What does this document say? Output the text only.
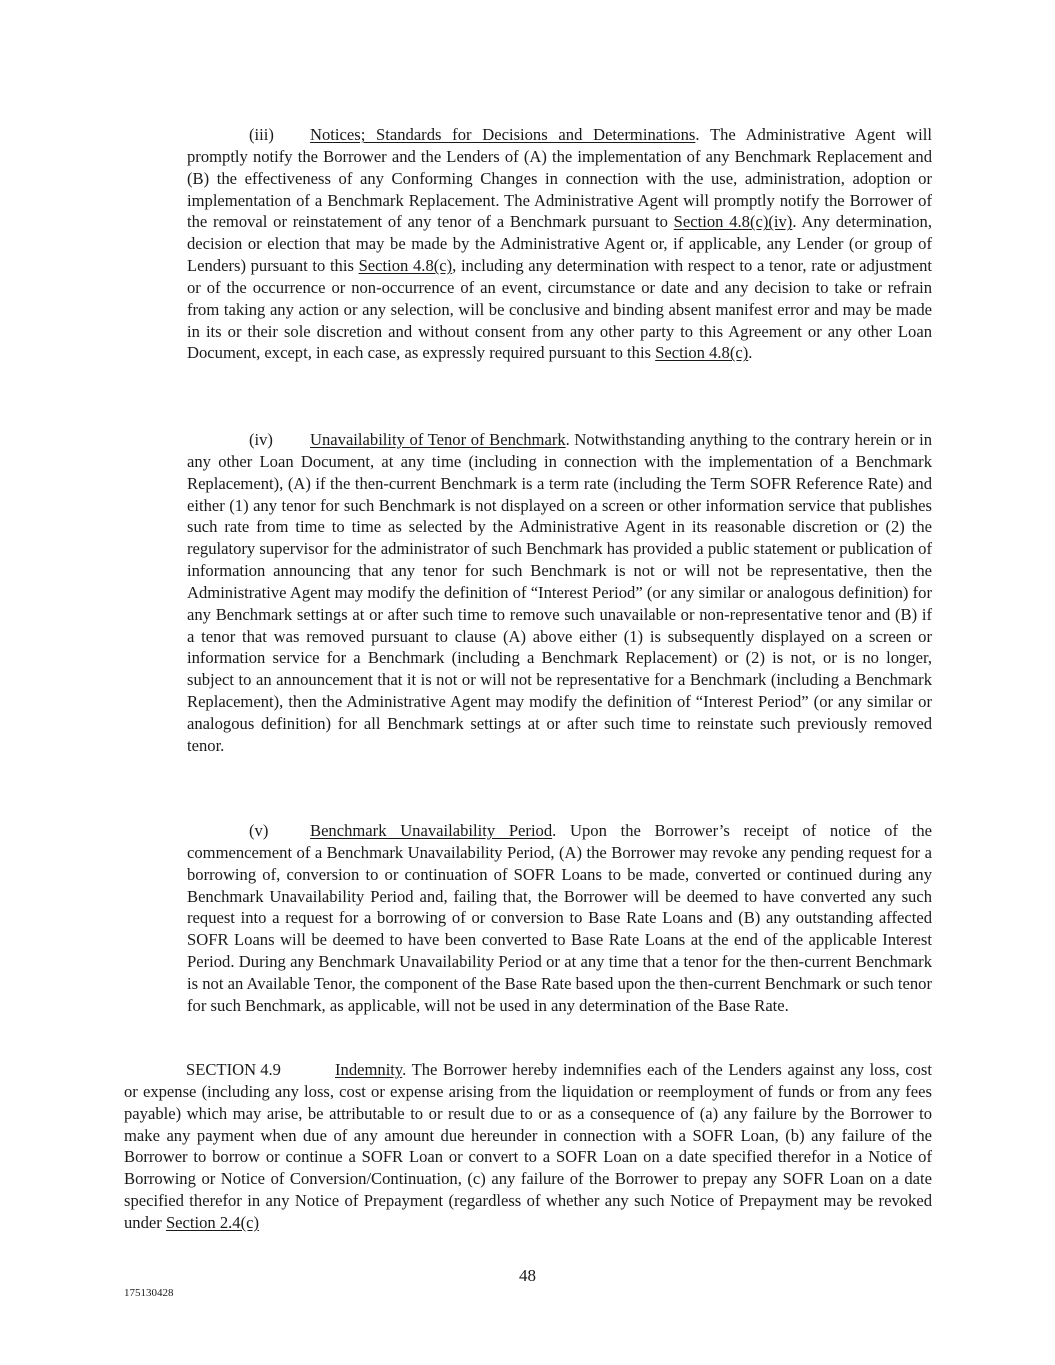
(iii) Notices; Standards for Decisions and Determinations. The Administrative Agent will promptly notify the Borrower and the Lenders of (A) the implementation of any Benchmark Replacement and (B) the effectiveness of any Conforming Changes in connection with the use, administration, adoption or implementation of a Benchmark Replacement. The Administrative Agent will promptly notify the Borrower of the removal or reinstatement of any tenor of a Benchmark pursuant to Section 4.8(c)(iv). Any determination, decision or election that may be made by the Administrative Agent or, if applicable, any Lender (or group of Lenders) pursuant to this Section 4.8(c), including any determination with respect to a tenor, rate or adjustment or of the occurrence or non-occurrence of an event, circumstance or date and any decision to take or refrain from taking any action or any selection, will be conclusive and binding absent manifest error and may be made in its or their sole discretion and without consent from any other party to this Agreement or any other Loan Document, except, in each case, as expressly required pursuant to this Section 4.8(c).

(iv) Unavailability of Tenor of Benchmark. Notwithstanding anything to the contrary herein or in any other Loan Document, at any time (including in connection with the implementation of a Benchmark Replacement), (A) if the then-current Benchmark is a term rate (including the Term SOFR Reference Rate) and either (1) any tenor for such Benchmark is not displayed on a screen or other information service that publishes such rate from time to time as selected by the Administrative Agent in its reasonable discretion or (2) the regulatory supervisor for the administrator of such Benchmark has provided a public statement or publication of information announcing that any tenor for such Benchmark is not or will not be representative, then the Administrative Agent may modify the definition of “Interest Period” (or any similar or analogous definition) for any Benchmark settings at or after such time to remove such unavailable or non-representative tenor and (B) if a tenor that was removed pursuant to clause (A) above either (1) is subsequently displayed on a screen or information service for a Benchmark (including a Benchmark Replacement) or (2) is not, or is no longer, subject to an announcement that it is not or will not be representative for a Benchmark (including a Benchmark Replacement), then the Administrative Agent may modify the definition of “Interest Period” (or any similar or analogous definition) for all Benchmark settings at or after such time to reinstate such previously removed tenor.

(v)	Benchmark Unavailability Period. Upon the Borrower’s receipt of notice of the commencement of a Benchmark Unavailability Period, (A) the Borrower may revoke any pending request for a borrowing of, conversion to or continuation of SOFR Loans to be made, converted or continued during any Benchmark Unavailability Period and, failing that, the Borrower will be deemed to have converted any such request into a request for a borrowing of or conversion to Base Rate Loans and (B) any outstanding affected SOFR Loans will be deemed to have been converted to Base Rate Loans at the end of the applicable Interest Period. During any Benchmark Unavailability Period or at any time that a tenor for the then-current Benchmark is not an Available Tenor, the component of the Base Rate based upon the then-current Benchmark or such tenor for such Benchmark, as applicable, will not be used in any determination of the Base Rate.

SECTION 4.9	Indemnity. The Borrower hereby indemnifies each of the Lenders against any loss, cost or expense (including any loss, cost or expense arising from the liquidation or reemployment of funds or from any fees payable) which may arise, be attributable to or result due to or as a consequence of (a) any failure by the Borrower to make any payment when due of any amount due hereunder in connection with a SOFR Loan, (b) any failure of the Borrower to borrow or continue a SOFR Loan or convert to a SOFR Loan on a date specified therefor in a Notice of Borrowing or Notice of Conversion/Continuation, (c) any failure of the Borrower to prepay any SOFR Loan on a date specified therefor in any Notice of Prepayment (regardless of whether any such Notice of Prepayment may be revoked under Section 2.4(c)

48
175130428
